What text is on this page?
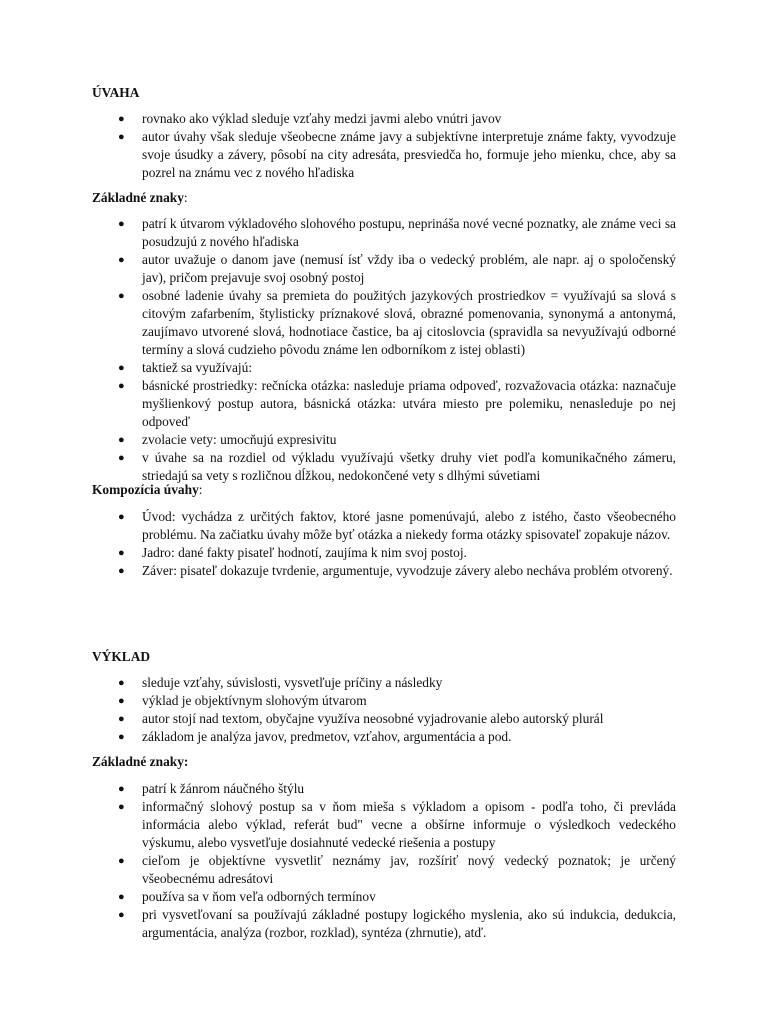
ÚVAHA
● rovnako ako výklad sleduje vzťahy medzi javmi alebo vnútri javov
● autor úvahy však sleduje všeobecne známe javy a subjektívne interpretuje známe fakty, vyvodzuje svoje úsudky a závery, pôsobí na city adresáta, presviedča ho, formuje jeho mienku, chce, aby sa pozrel na známu vec z nového hľadiska
Základné znaky:
● patrí k útvarom výkladového slohového postupu, neprináša nové vecné poznatky, ale známe veci sa posudzujú z nového hľadiska
● autor uvažuje o danom jave (nemusí ísť vždy iba o vedecký problém, ale napr. aj o spoločenský jav), pričom prejavuje svoj osobný postoj
● osobné ladenie úvahy sa premieta do použitých jazykových prostriedkov = využívajú sa slová s citovým zafarbením, štylisticky príznakové slová, obrazné pomenovania, synonymá a antonymá, zaujímavo utvorené slová, hodnotiace častice, ba aj citoslovcia (spravidla sa nevyužívajú odborné termíny a slová cudzieho pôvodu známe len odborníkom z istej oblasti)
● taktiež sa využívajú:
● básnické prostriedky: rečnícka otázka: nasleduje priama odpoveď, rozvažovacia otázka: naznačuje myšlienkový postup autora, básnická otázka: utvára miesto pre polemiku, nenasleduje po nej odpoveď
● zvolacie vety: umocňujú expresivitu
● v úvahe sa na rozdiel od výkladu využívajú všetky druhy viet podľa komunikačného zámeru, striedajú sa vety s rozličnou dĺžkou, nedokončené vety s dlhými súvetiami
Kompozícia úvahy:
● Úvod: vychádza z určitých faktov, ktoré jasne pomenúvajú, alebo z istého, často všeobecného problému. Na začiatku úvahy môže byť otázka a niekedy forma otázky spisovateľ zopakuje názov.
● Jadro: dané fakty pisateľ hodnotí, zaujíma k nim svoj postoj.
● Záver: pisateľ dokazuje tvrdenie, argumentuje, vyvodzuje závery alebo necháva problém otvorený.
VÝKLAD
● sleduje vzťahy, súvislosti, vysvetľuje príčiny a následky
● výklad je objektívnym slohovým útvarom
● autor stojí nad textom, obyčajne využíva neosobné vyjadrovanie alebo autorský plurál
● základom je analýza javov, predmetov, vzťahov, argumentácia a pod.
Základné znaky:
● patrí k žánrom náučného štýlu
● informačný slohový postup sa v ňom mieša s výkladom a opisom - podľa toho, či prevláda informácia alebo výklad, referát bud" vecne a obšírne informuje o výsledkoch vedeckého výskumu, alebo vysvetľuje dosiahnuté vedecké riešenia a postupy
● cieľom je objektívne vysvetliť neznámy jav, rozšíriť nový vedecký poznatok; je určený všeobecnému adresátovi
● používa sa v ňom veľa odborných termínov
● pri vysvetľovaní sa používajú základné postupy logického myslenia, ako sú indukcia, dedukcia, argumentácia, analýza (rozbor, rozklad), syntéza (zhrnutie), atď.
